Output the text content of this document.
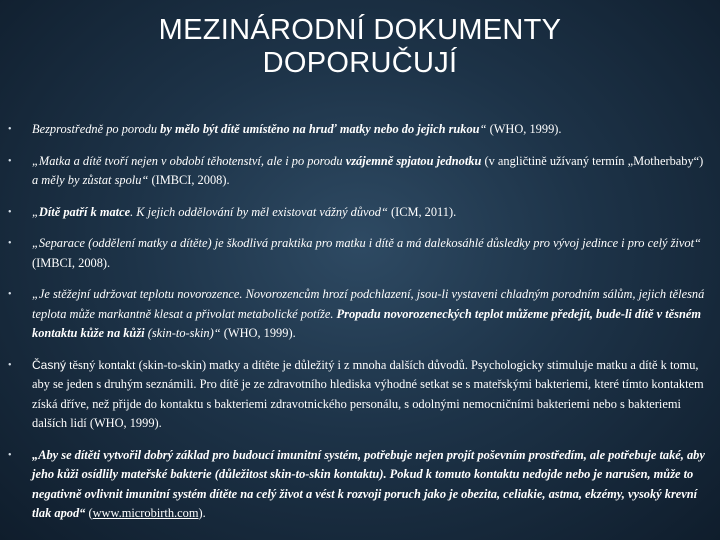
MEZINÁRODNÍ DOKUMENTY
DOPORUČUJÍ
• Bezprostředně po porodu by mělo být dítě umístěno na hruď matky nebo do jejich rukou“ (WHO, 1999).
• „Matka a dítě tvoří nejen v období těhotenství, ale i po porodu vzájemně spjatou jednotku (v angličtině užívaný termín „Motherbaby“) a měly by zůstat spolu“ (IMBCI, 2008).
• „Dítě patří k matce. K jejich oddělování by měl existovat vážný důvod“ (ICM, 2011).
• „Separace (oddělení matky a dítěte) je škodlivá praktika pro matku i dítě a má dalekosáhlé důsledky pro vývoj jedince i pro celý život“ (IMBCI, 2008).
• „Je stěžejní udržovat teplotu novorozence. Novorozencům hrozí podchlazení, jsou-li vystaveni chladným porodním sálům, jejich tělesná teplota může markantně klesat a přivolat metabolické potíže. Propadu novorozeneckých teplot můžeme předejít, bude-li dítě v těsném kontaktu kůže na kůži (skin-to-skin)“ (WHO, 1999).
• Časný těsný kontakt (skin-to-skin) matky a dítěte je důležitý i z mnoha dalších důvodů. Psychologicky stimuluje matku a dítě k tomu, aby se jeden s druhým seznámili. Pro dítě je ze zdravotního hlediska výhodné setkat se s mateřskými bakteriemi, které tímto kontaktem získá dříve, než přijde do kontaktu s bakteriemi zdravotnického personálu, s odolnými nemocničními bakteriemi nebo s bakteriemi dalších lidí (WHO, 1999).
• „Aby se dítěti vytvořil dobrý základ pro budoucí imunitní systém, potřebuje nejen projít poševním prostředím, ale potřebuje také, aby jeho kůži osídlily mateřské bakterie (důležitost skin-to-skin kontaktu). Pokud k tomuto kontaktu nedojde nebo je narušen, může to negativně ovlivnit imunitní systém dítěte na celý život a vést k rozvoji poruch jako je obezita, celiakie, astma, ekzémy, vysoký krevní tlak apod“ (www.microbirth.com).
